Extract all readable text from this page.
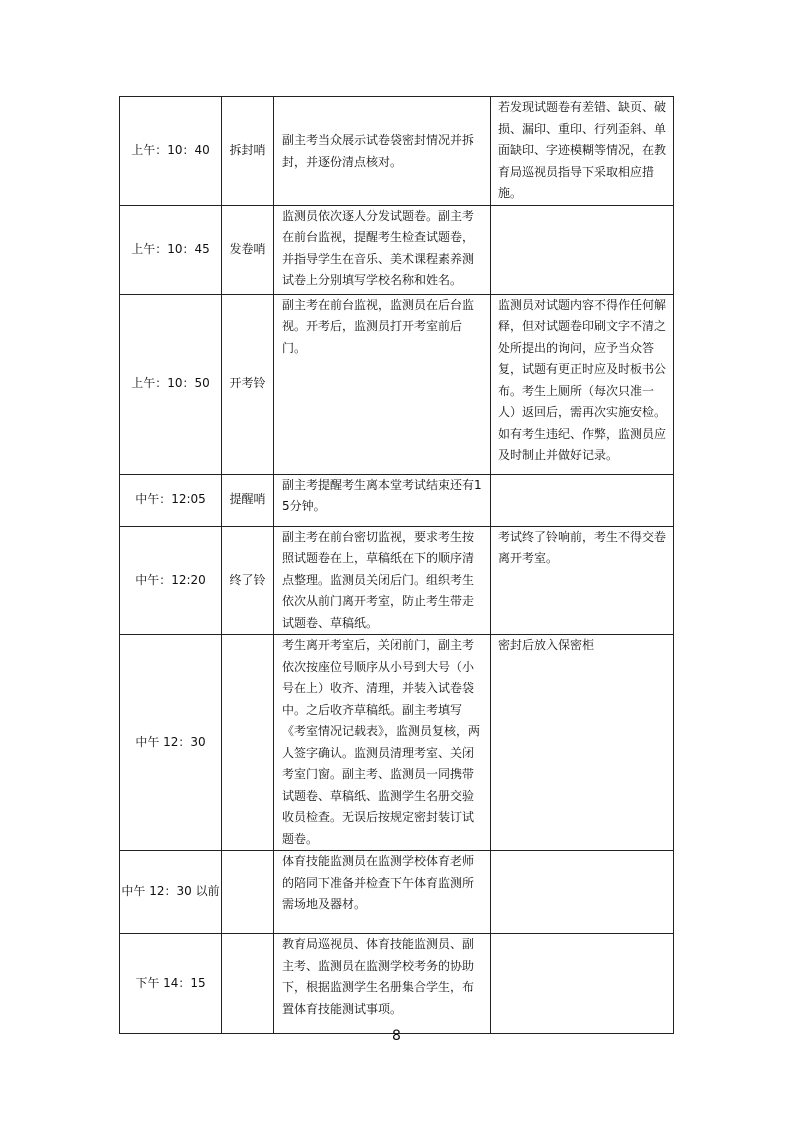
上午：10：40	拆封哨	副主考当众展示试卷袋密封情况并拆封，并逐份清点核对。	若发现试题卷有差错、缺页、破损、漏印、重印、行列歪斜、单面缺印、字迹模糊等情况，在教育局巡视员指导下采取相应措施。

上午：10：45	发卷哨	监测员依次逐人分发试题卷。副主考在前台监视，提醒考生检查试题卷，并指导学生在音乐、美术课程素养测试卷上分别填写学校名称和姓名。	

上午：10：50	开考铃	副主考在前台监视，监测员在后台监视。开考后，监测员打开考室前后门。	监测员对试题内容不得作任何解释，但对试题卷印刷文字不清之处所提出的询问，应予当众答复，试题有更正时应及时板书公布。考生上厕所（每次只准一人）返回后，需再次实施安检。如有考生违纪、作弊，监测员应及时制止并做好记录。

中午：12:05	提醒哨	副主考提醒考生离本堂考试结束还有15分钟。	

中午：12:20	终了铃	副主考在前台密切监视，要求考生按照试题卷在上，草稿纸在下的顺序清点整理。监测员关闭后门。组织考生依次从前门离开考室，防止考生带走试题卷、草稿纸。	考试终了铃响前，考生不得交卷离开考室。

中午 12：30		考生离开考室后，关闭前门，副主考依次按座位号顺序从小号到大号（小号在上）收齐、清理，并装入试卷袋中。之后收齐草稿纸。副主考填写《考室情况记载表》，监测员复核，两人签字确认。监测员清理考室、关闭考室门窗。副主考、监测员一同携带试题卷、草稿纸、监测学生名册交验收员检查。无误后按规定密封装订试题卷。	密封后放入保密柜

中午 12：30 以前		体育技能监测员在监测学校体育老师的陪同下准备并检查下午体育监测所需场地及器材。	

下午 14：15		教育局巡视员、体育技能监测员、副主考、监测员在监测学校考务的协助下，根据监测学生名册集合学生，布置体育技能测试事项。	

8
